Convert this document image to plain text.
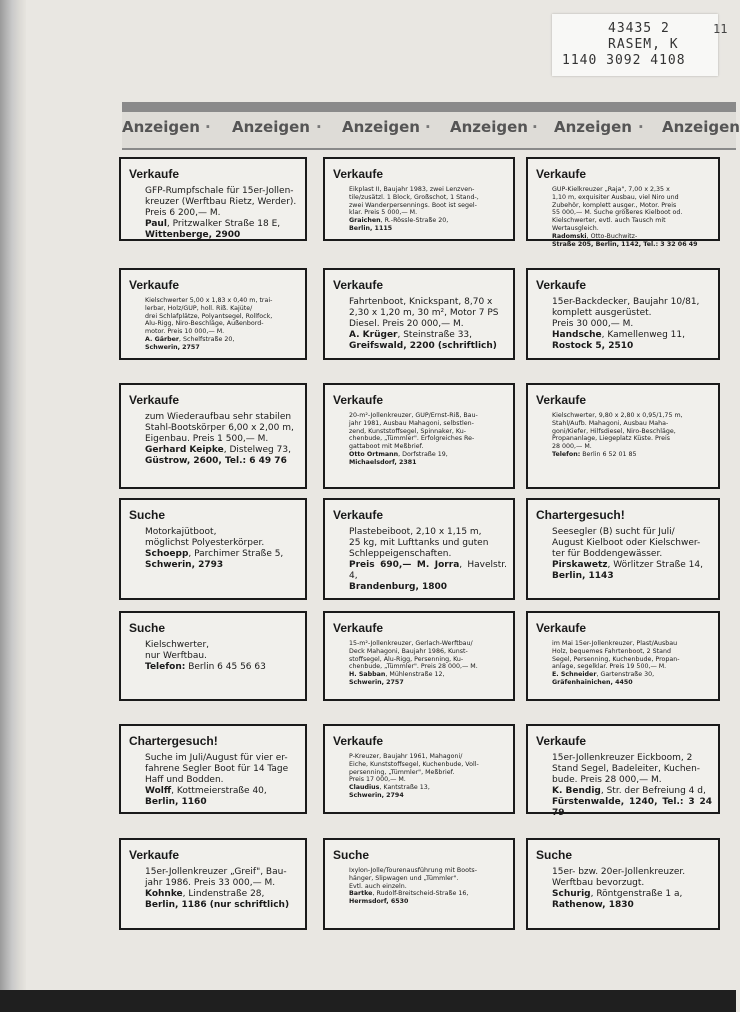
43435 2
RASEM, K
1140 3092 4108
11
Anzeigen · Anzeigen · Anzeigen · Anzeigen · Anzeigen · Anzeigen
Verkaufe

GFP-Rumpfschale für 15er-Jollen-

kreuzer (Werftbau Rietz, Werder).

Preis 6 200,— M.

Paul, Pritzwalker Straße 18 E,

Wittenberge, 2900

Verkaufe

Eikplast II, Baujahr 1983, zwei Lenzven-

tile/zusätzl. 1 Block, Großschot, 1 Stand-,

zwei Wanderpersennings. Boot ist segel-

klar. Preis 5 000,— M.

Graichen, R.-Rössle-Straße 20,

Berlin, 1115

Verkaufe

GUP-Kielkreuzer „Raja", 7,00 x 2,35 x

1,10 m, exquisiter Ausbau, viel Niro und

Zubehör, komplett ausger., Motor. Preis

55 000,— M. Suche größeres Kielboot od.

Kielschwerter, evtl. auch Tausch mit

Wertausgleich.

Radomski, Otto-Buchwitz-

Straße 205, Berlin, 1142, Tel.: 3 32 06 49

Verkaufe

Kielschwerter 5,00 x 1,83 x 0,40 m, trai-

lerbar, Holz/GUP, holl. Riß. Kajüte/

drei Schlafplätze, Polyantsegel, Rollfock,

Alu-Rigg, Niro-Beschläge, Außenbord-

motor. Preis 10 000,— M.

A. Gärber, Schelfstraße 20,

Schwerin, 2757

Verkaufe

Fahrtenboot, Knickspant, 8,70 x

2,30 x 1,20 m, 30 m², Motor 7 PS

Diesel. Preis 20 000,— M.

A. Krüger, Steinstraße 33,

Greifswald, 2200 (schriftlich)

Verkaufe

15er-Backdecker, Baujahr 10/81,

komplett ausgerüstet.

Preis 30 000,— M.

Handsche, Kamellenweg 11,

Rostock 5, 2510

Verkaufe

zum Wiederaufbau sehr stabilen

Stahl-Bootskörper 6,00 x 2,00 m,

Eigenbau. Preis 1 500,— M.

Gerhard Keipke, Distelweg 73,

Güstrow, 2600, Tel.: 6 49 76

Verkaufe

20-m²-Jollenkreuzer, GUP/Ernst-Riß, Bau-

jahr 1981, Ausbau Mahagoni, selbstlen-

zend, Kunststoffsegel, Spinnaker, Ku-

chenbude, „Tümmler". Erfolgreiches Re-

gattaboot mit Meßbrief.

Otto Ortmann, Dorfstraße 19,

Michaelsdorf, 2381

Verkaufe

Kielschwerter, 9,80 x 2,80 x 0,95/1,75 m,

Stahl/Aufb. Mahagoni, Ausbau Maha-

goni/Kiefer, Hilfsdiesel, Niro-Beschläge,

Propananlage, Liegeplatz Küste. Preis

28 000,— M.

Telefon: Berlin 6 52 01 85

Suche

Motorkajütboot,

möglichst Polyesterkörper.

Schoepp, Parchimer Straße 5,

Schwerin, 2793

Verkaufe

Plastebeiboot, 2,10 x 1,15 m,

25 kg, mit Lufttanks und guten

Schleppeigenschaften.

Preis 690,— M. Jorra, Havelstr. 4,

Brandenburg, 1800

Chartergesuch!

Seesegler (B) sucht für Juli/

August Kielboot oder Kielschwer-

ter für Boddengewässer.

Pirskawetz, Wörlitzer Straße 14,

Berlin, 1143

Suche

Kielschwerter,

nur Werftbau.

Telefon: Berlin 6 45 56 63

Verkaufe

15-m²-Jollenkreuzer, Gerlach-Werftbau/

Deck Mahagoni, Baujahr 1986, Kunst-

stoffsegel, Alu-Rigg, Persenning, Ku-

chenbude, „Tümmler". Preis 28 000,— M.

H. Sabban, Mühlenstraße 12,

Schwerin, 2757

Verkaufe

im Mai 15er-Jollenkreuzer, Plast/Ausbau

Holz, bequemes Fahrtenboot, 2 Stand

Segel, Persenning, Kuchenbude, Propan-

anlage, segelklar. Preis 19 500,— M.

E. Schneider, Gartenstraße 30,

Gräfenhainichen, 4450

Chartergesuch!

Suche im Juli/August für vier er-

fahrene Segler Boot für 14 Tage

Haff und Bodden.

Wolff, Kottmeierstraße 40,

Berlin, 1160

Verkaufe

P-Kreuzer, Baujahr 1961, Mahagoni/

Eiche, Kunststoffsegel, Kuchenbude, Voll-

persenning, „Tümmler", Meßbrief.

Preis 17 000,— M.

Claudius, Kantstraße 13,

Schwerin, 2794

Verkaufe

15er-Jollenkreuzer Eickboom, 2

Stand Segel, Badeleiter, Kuchen-

bude. Preis 28 000,— M.

K. Bendig, Str. der Befreiung 4 d,

Fürstenwalde, 1240, Tel.: 3 24 79

Verkaufe

15er-Jollenkreuzer „Greif", Bau-

jahr 1986. Preis 33 000,— M.

Kohnke, Lindenstraße 28,

Berlin, 1186 (nur schriftlich)

Suche

Ixylon-Jolle/Tourenausführung mit Boots-

hänger, Slipwagen und „Tümmler".

Evtl. auch einzeln.

Bartke, Rudolf-Breitscheid-Straße 16,

Hermsdorf, 6530

Suche

15er- bzw. 20er-Jollenkreuzer.

Werftbau bevorzugt.

Schurig, Röntgenstraße 1 a,

Rathenow, 1830
